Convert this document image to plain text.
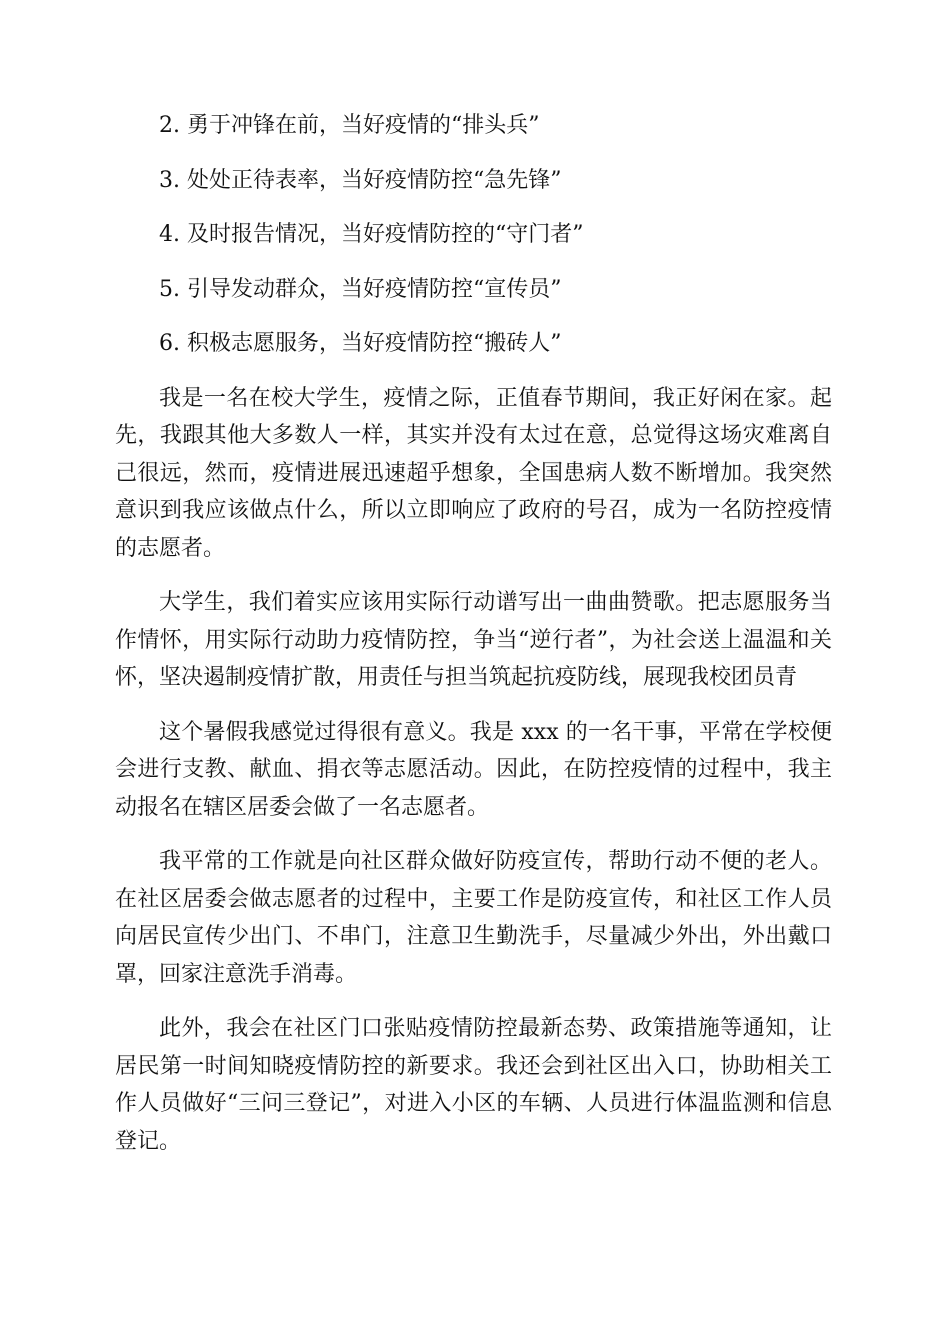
2. 勇于冲锋在前，当好疫情的“排头兵”
3. 处处正待表率，当好疫情防控“急先锋”
4. 及时报告情况，当好疫情防控的“守门者”
5. 引导发动群众，当好疫情防控“宣传员”
6. 积极志愿服务，当好疫情防控“搬砖人”

我是一名在校大学生，疫情之际，正值春节期间，我正好闲在家。起先，我跟其他大多数人一样，其实并没有太过在意，总觉得这场灾难离自己很远，然而，疫情进展迅速超乎想象，全国患病人数不断增加。我突然意识到我应该做点什么，所以立即响应了政府的号召，成为一名防控疫情的志愿者。

大学生，我们着实应该用实际行动谱写出一曲曲赞歌。把志愿服务当作情怀，用实际行动助力疫情防控，争当“逆行者”，为社会送上温温和关怀，坚决遏制疫情扩散，用责任与担当筑起抗疫防线，展现我校团员青

这个暑假我感觉过得很有意义。我是 xxx 的一名干事，平常在学校便会进行支教、献血、捐衣等志愿活动。因此，在防控疫情的过程中，我主动报名在辖区居委会做了一名志愿者。

我平常的工作就是向社区群众做好防疫宣传，帮助行动不便的老人。在社区居委会做志愿者的过程中，主要工作是防疫宣传，和社区工作人员向居民宣传少出门、不串门，注意卫生勤洗手，尽量减少外出，外出戴口罩，回家注意洗手消毒。

此外，我会在社区门口张贴疫情防控最新态势、政策措施等通知，让居民第一时间知晓疫情防控的新要求。我还会到社区出入口，协助相关工作人员做好“三问三登记”，对进入小区的车辆、人员进行体温监测和信息登记。
